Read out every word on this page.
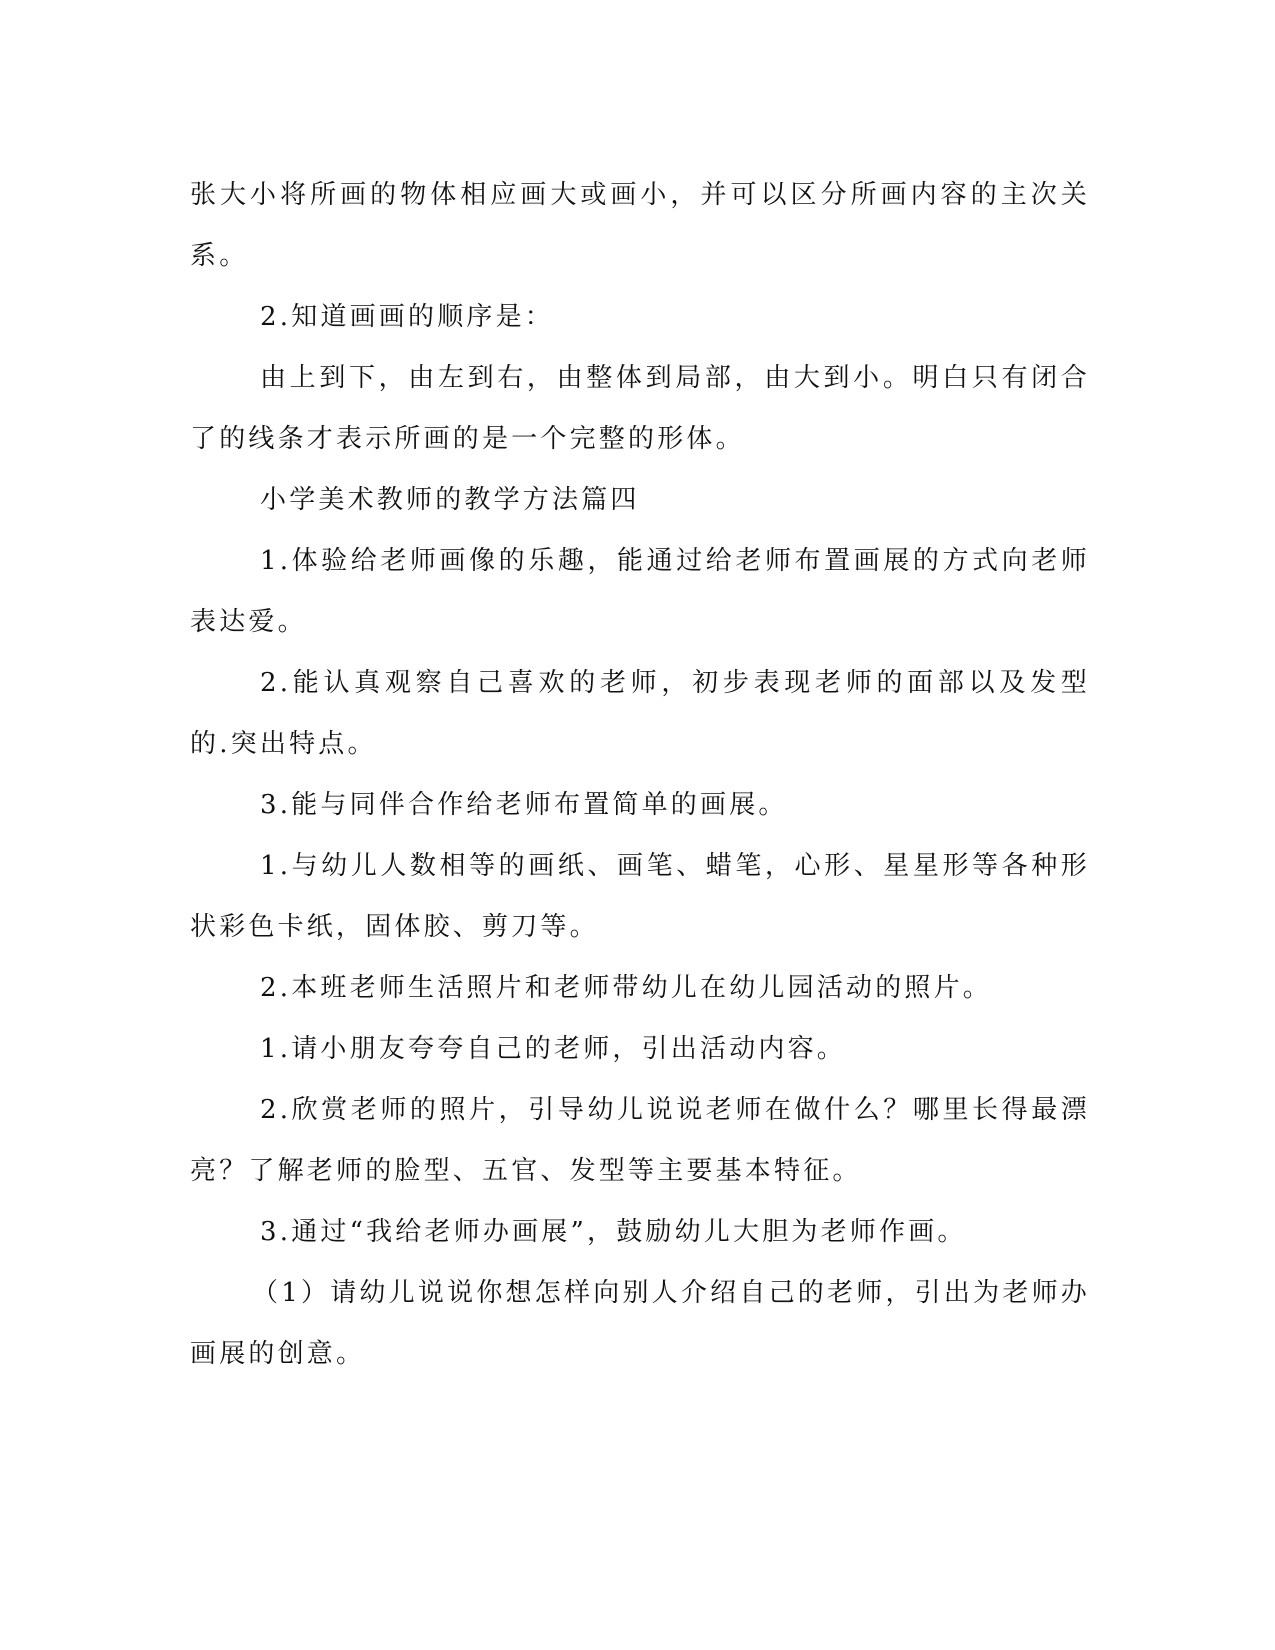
张大小将所画的物体相应画大或画小，并可以区分所画内容的主次关系。

2.知道画画的顺序是：

由上到下，由左到右，由整体到局部，由大到小。明白只有闭合了的线条才表示所画的是一个完整的形体。

小学美术教师的教学方法篇四

1.体验给老师画像的乐趣，能通过给老师布置画展的方式向老师表达爱。

2.能认真观察自己喜欢的老师，初步表现老师的面部以及发型的.突出特点。

3.能与同伴合作给老师布置简单的画展。

1.与幼儿人数相等的画纸、画笔、蜡笔，心形、星星形等各种形状彩色卡纸，固体胶、剪刀等。

2.本班老师生活照片和老师带幼儿在幼儿园活动的照片。

1.请小朋友夸夸自己的老师，引出活动内容。

2.欣赏老师的照片，引导幼儿说说老师在做什么？哪里长得最漂亮？了解老师的脸型、五官、发型等主要基本特征。

3.通过“我给老师办画展”，鼓励幼儿大胆为老师作画。

（1）请幼儿说说你想怎样向别人介绍自己的老师，引出为老师办画展的创意。
